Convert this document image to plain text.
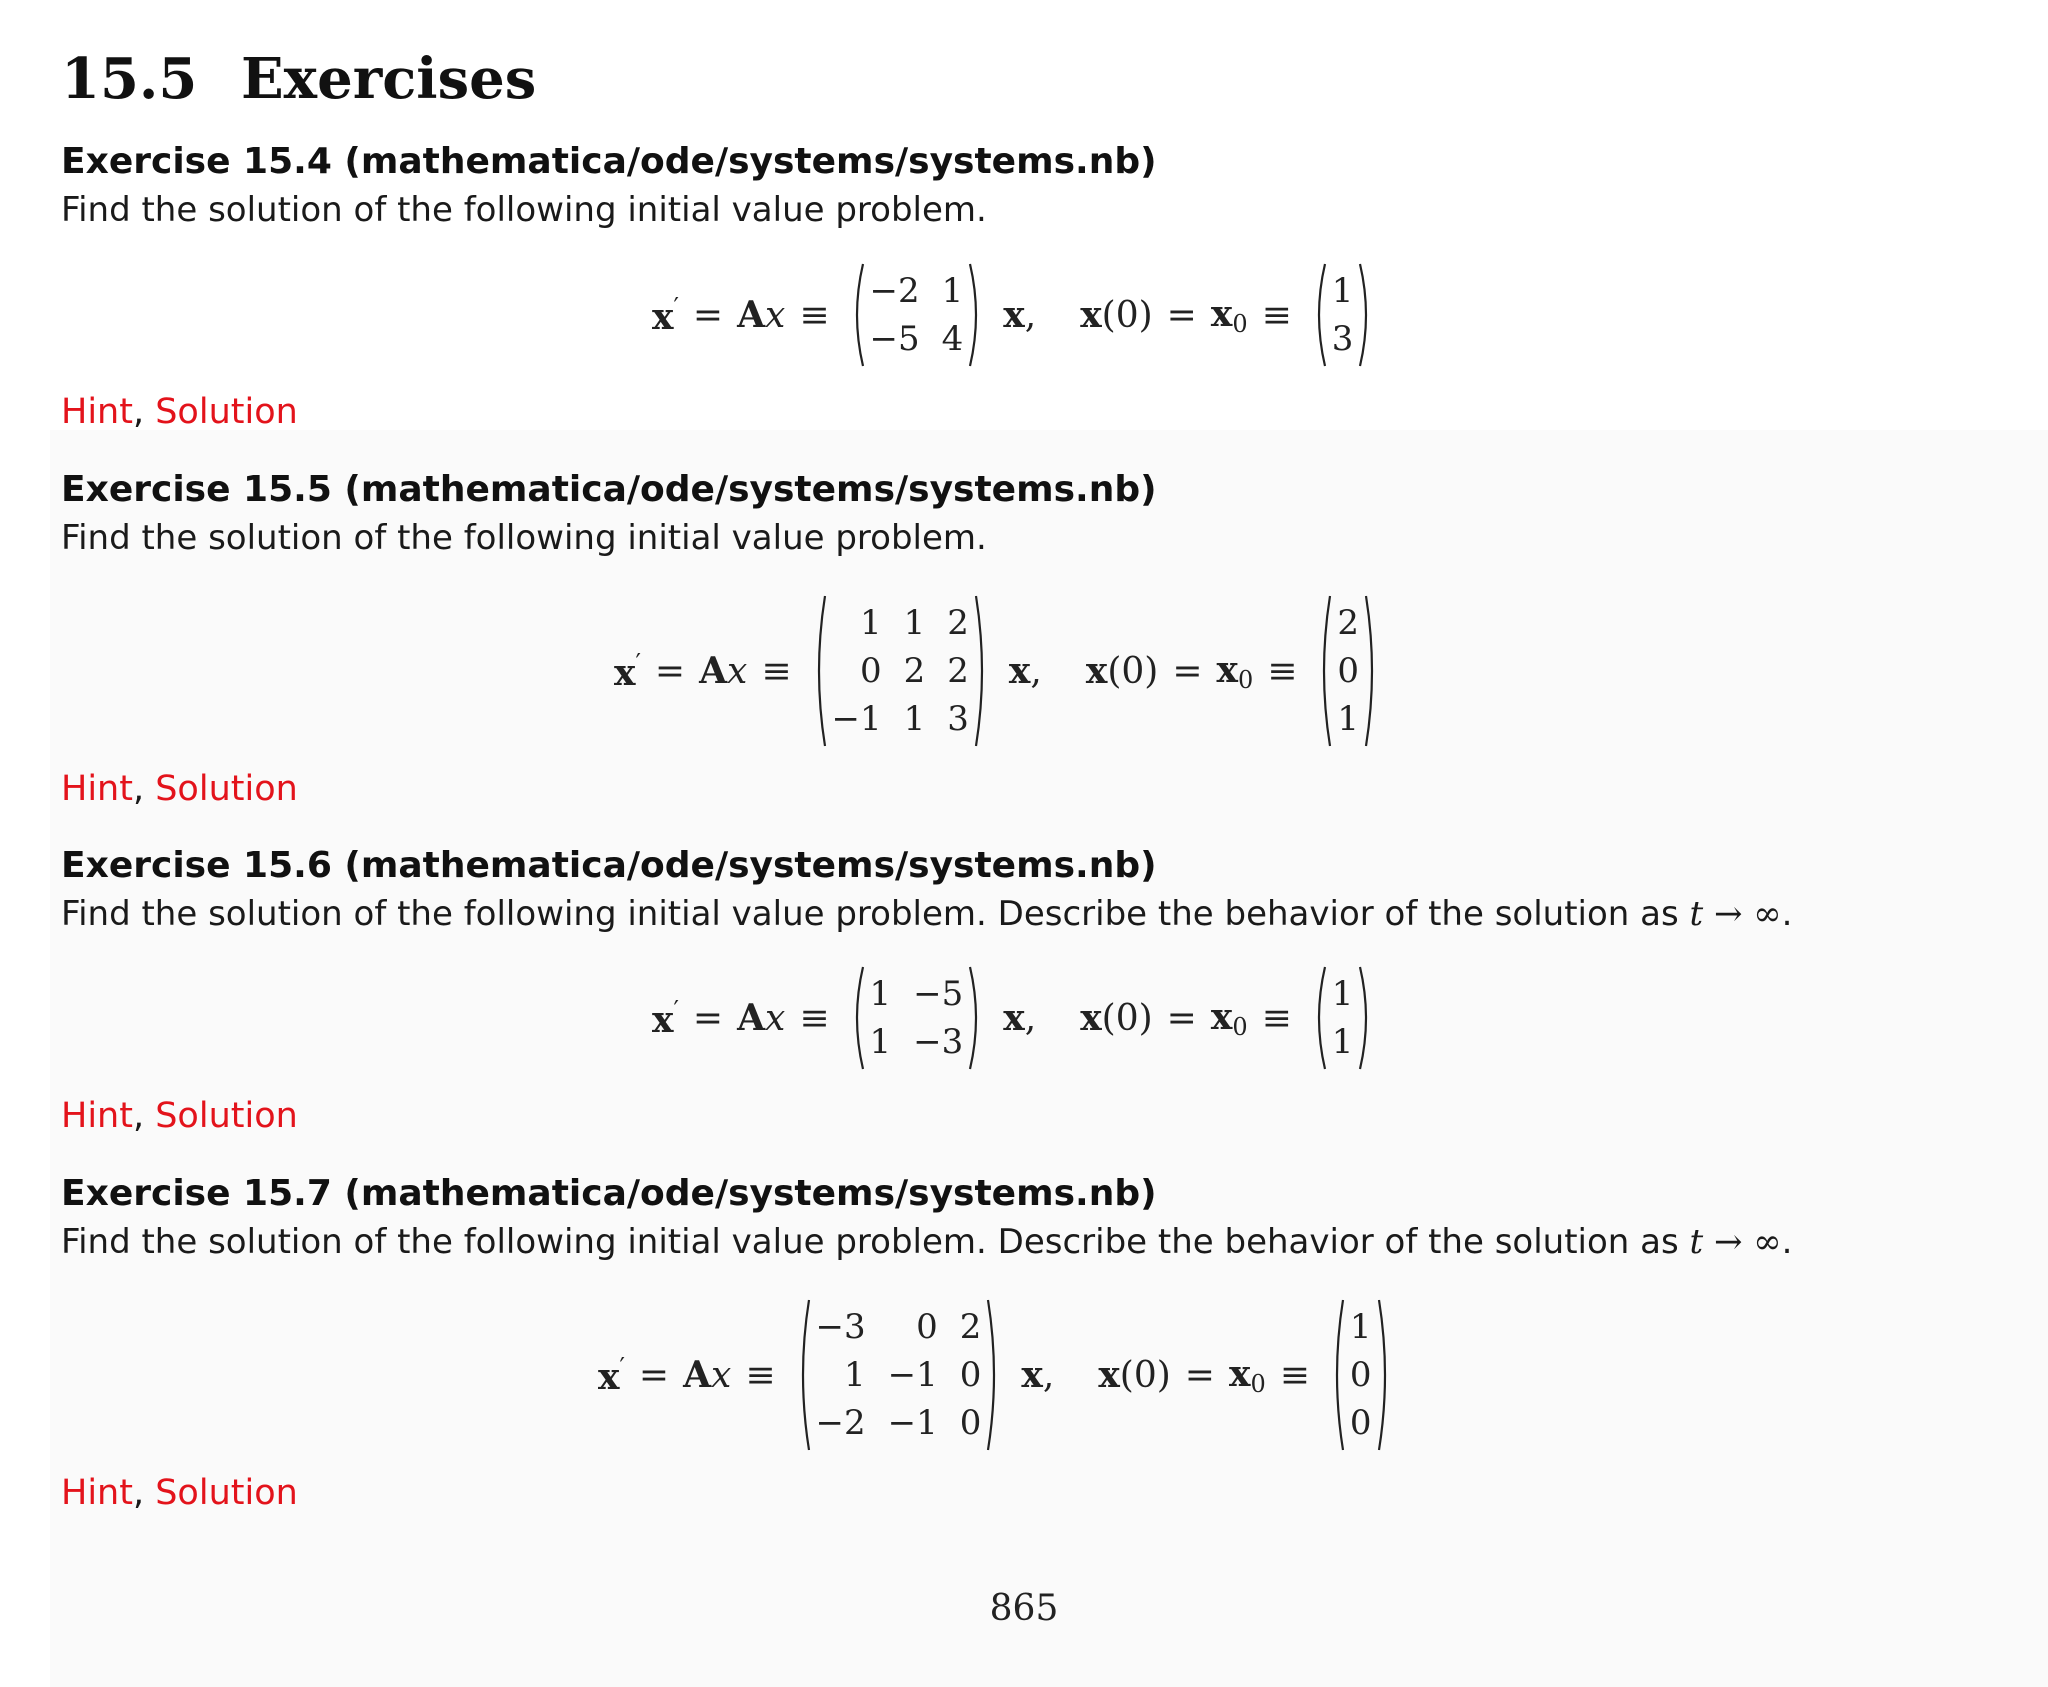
15.5 Exercises
Exercise 15.4 (mathematica/ode/systems/systems.nb)

Find the solution of the following initial value problem.

x′ = Ax ≡
−2 1
−5 4
x, $x(0) = x_0$ ≡
1
3

Hint, Solution

Exercise 15.5 (mathematica/ode/systems/systems.nb)

Find the solution of the following initial value problem.

x′ = Ax ≡
1 1 2
0 2 2
−1 1 3
x, $x(0) = x_0$ ≡
2
0
1

Hint, Solution

Exercise 15.6 (mathematica/ode/systems/systems.nb)

Find the solution of the following initial value problem. Describe the behavior of the solution as t → ∞.

x′ = Ax ≡
1 −5
1 −3
x, $x(0) = x_0$ ≡
1
1

Hint, Solution

Exercise 15.7 (mathematica/ode/systems/systems.nb)

Find the solution of the following initial value problem. Describe the behavior of the solution as t → ∞.

x′ = Ax ≡
−3	0 2
1 −1 0
−2 −1 0
x, $x(0) = x_0$ ≡
1
0
0

Hint, Solution

865
